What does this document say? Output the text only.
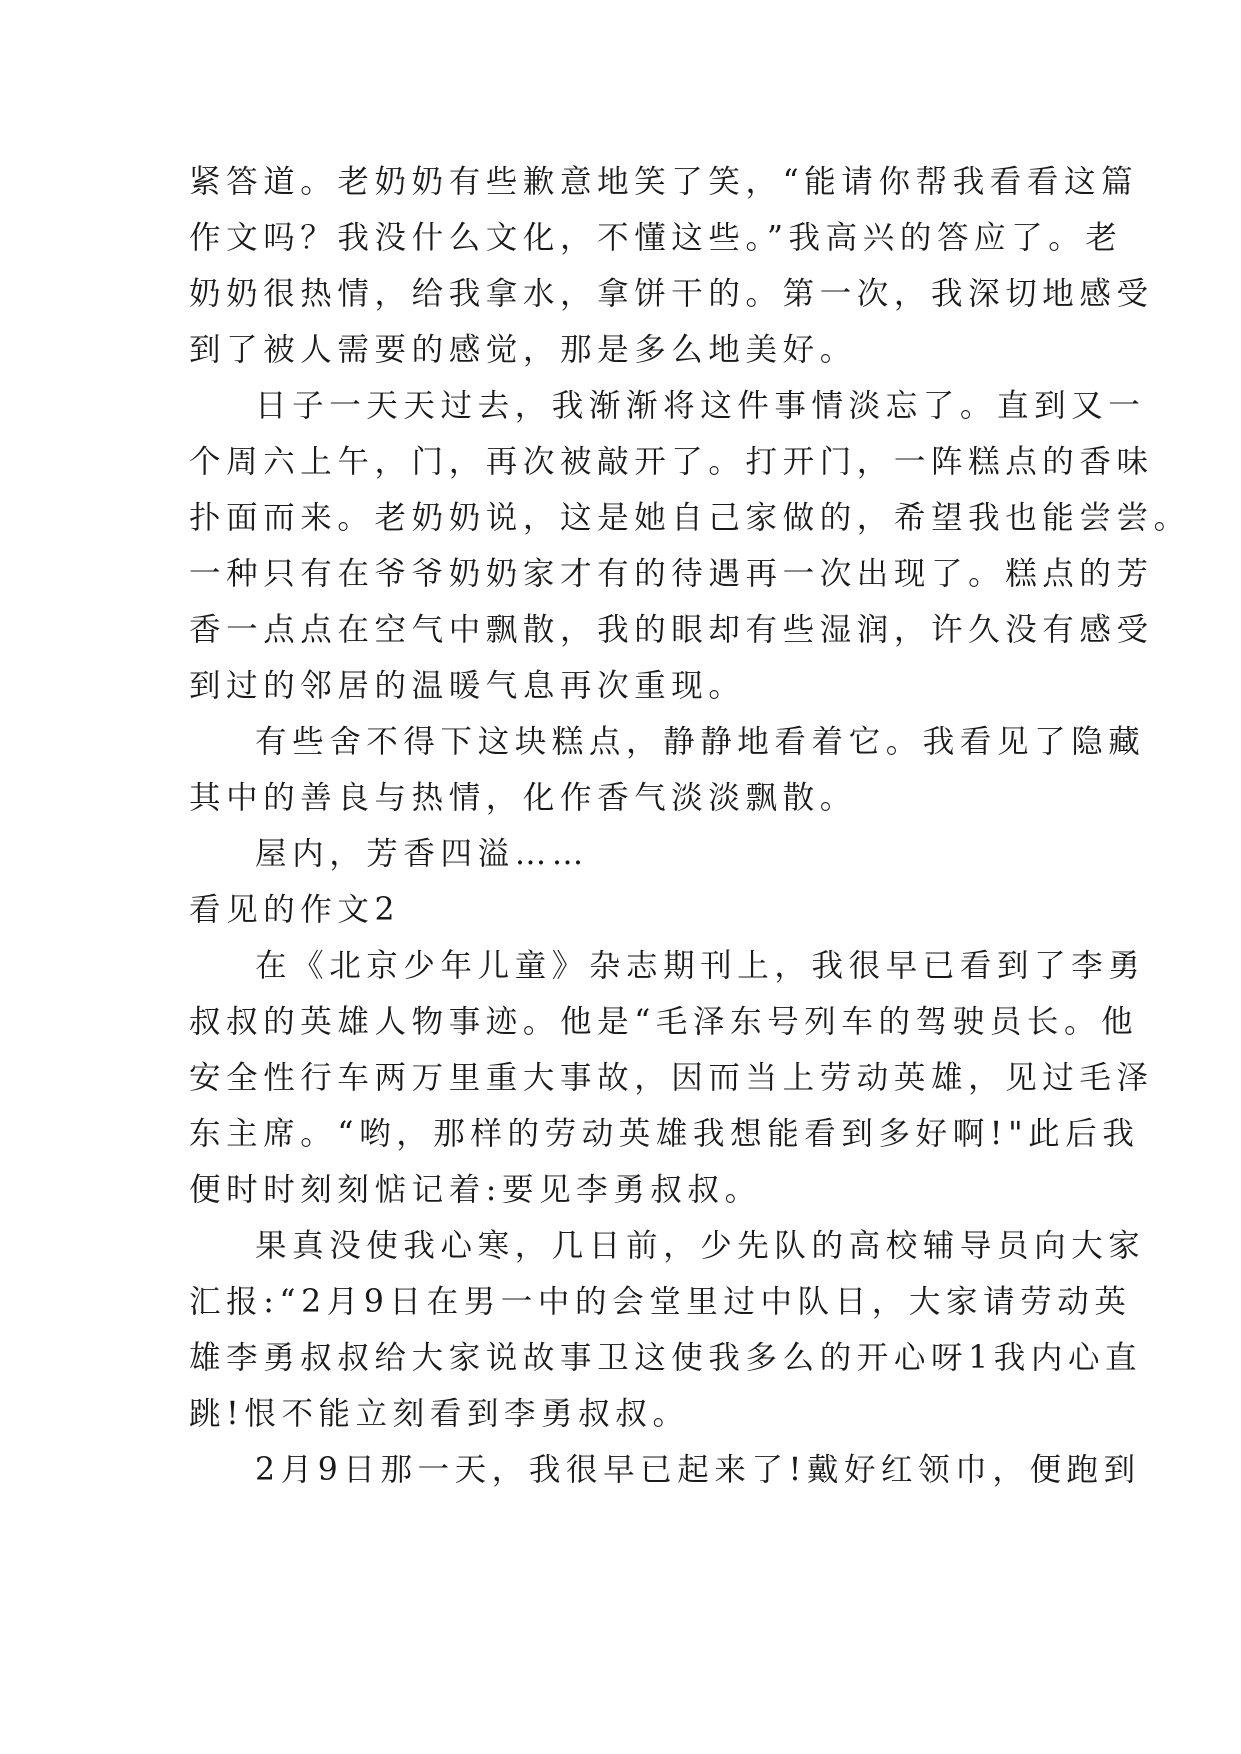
紧答道。老奶奶有些歉意地笑了笑，“能请你帮我看看这篇
作文吗？我没什么文化，不懂这些。”我高兴的答应了。老
奶奶很热情，给我拿水，拿饼干的。第一次，我深切地感受
到了被人需要的感觉，那是多么地美好。
日子一天天过去，我渐渐将这件事情淡忘了。直到又一
个周六上午，门，再次被敲开了。打开门，一阵糕点的香味
扑面而来。老奶奶说，这是她自己家做的，希望我也能尝尝。
一种只有在爷爷奶奶家才有的待遇再一次出现了。糕点的芳
香一点点在空气中飘散，我的眼却有些湿润，许久没有感受
到过的邻居的温暖气息再次重现。
有些舍不得下这块糕点，静静地看着它。我看见了隐藏
其中的善良与热情，化作香气淡淡飘散。
屋内，芳香四溢……
看见的作文2
在《北京少年儿童》杂志期刊上，我很早已看到了李勇
叔叔的英雄人物事迹。他是“毛泽东号列车的驾驶员长。他
安全性行车两万里重大事故，因而当上劳动英雄，见过毛泽
东主席。“哟，那样的劳动英雄我想能看到多好啊!"此后我
便时时刻刻惦记着:要见李勇叔叔。
果真没使我心寒，几日前，少先队的高校辅导员向大家
汇报:“2月9日在男一中的会堂里过中队日，大家请劳动英
雄李勇叔叔给大家说故事卫这使我多么的开心呀1我内心直
跳!恨不能立刻看到李勇叔叔。
2月9日那一天，我很早已起来了!戴好红领巾，便跑到
